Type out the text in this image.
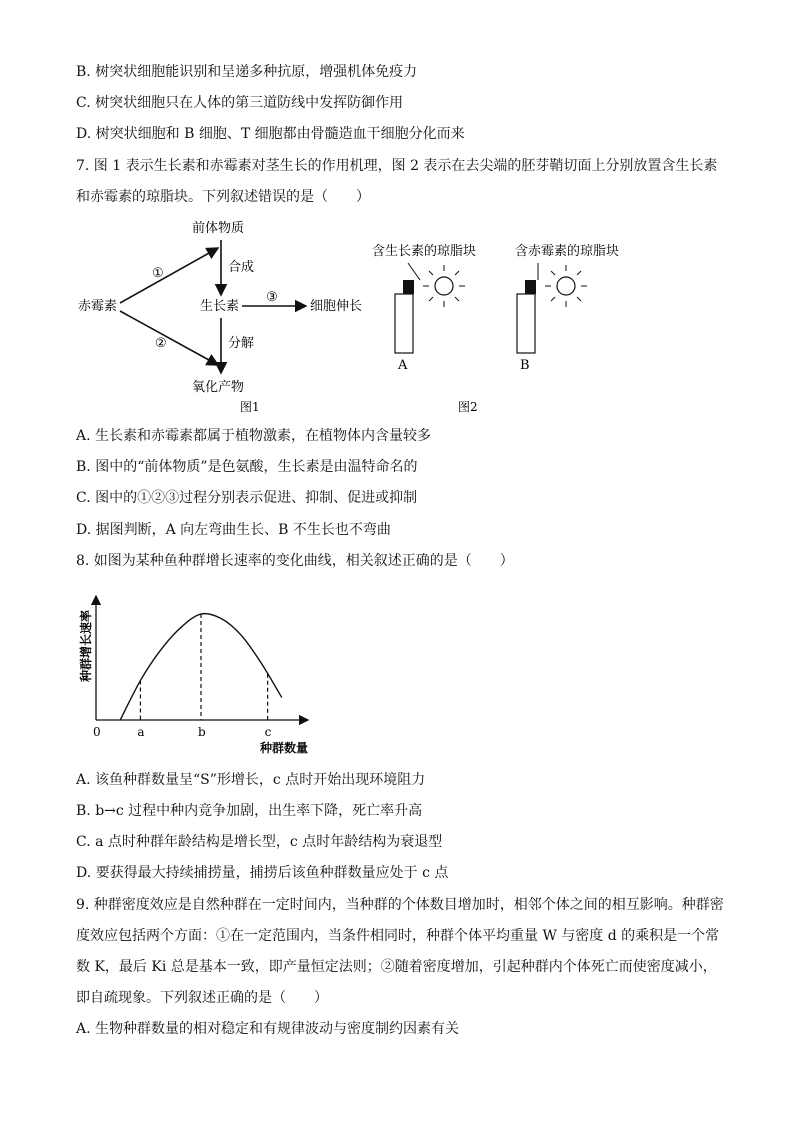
B. 树突状细胞能识别和呈递多种抗原，增强机体免疫力
C. 树突状细胞只在人体的第三道防线中发挥防御作用
D. 树突状细胞和 B 细胞、T 细胞都由骨髓造血干细胞分化而来
7. 图 1 表示生长素和赤霉素对茎生长的作用机理，图 2 表示在去尖端的胚芽鞘切面上分别放置含生长素
和赤霉素的琼脂块。下列叙述错误的是（　　）
前体物质
合成
赤霉素
①
②
生长素
③
细胞伸长
分解
氧化产物
图1
含生长素的琼脂块
A
含赤霉素的琼脂块
B
图2
A. 生长素和赤霉素都属于植物激素，在植物体内含量较多
B. 图中的“前体物质”是色氨酸，生长素是由温特命名的
C. 图中的①②③过程分别表示促进、抑制、促进或抑制
D. 据图判断，A 向左弯曲生长、B 不生长也不弯曲
8. 如图为某种鱼种群增长速率的变化曲线，相关叙述正确的是（　　）
种群增长速率
0
种群数量
a	b	c
A. 该鱼种群数量呈“S”形增长，c 点时开始出现环境阻力
B. b→c 过程中种内竞争加剧，出生率下降，死亡率升高
C. a 点时种群年龄结构是增长型，c 点时年龄结构为衰退型
D. 要获得最大持续捕捞量，捕捞后该鱼种群数量应处于 c 点
9. 种群密度效应是自然种群在一定时间内，当种群的个体数目增加时，相邻个体之间的相互影响。种群密
度效应包括两个方面：①在一定范围内，当条件相同时，种群个体平均重量 W 与密度 d 的乘积是一个常
数 K，最后 Ki 总是基本一致，即产量恒定法则；②随着密度增加，引起种群内个体死亡而使密度减小，
即自疏现象。下列叙述正确的是（　　）
A. 生物种群数量的相对稳定和有规律波动与密度制约因素有关
